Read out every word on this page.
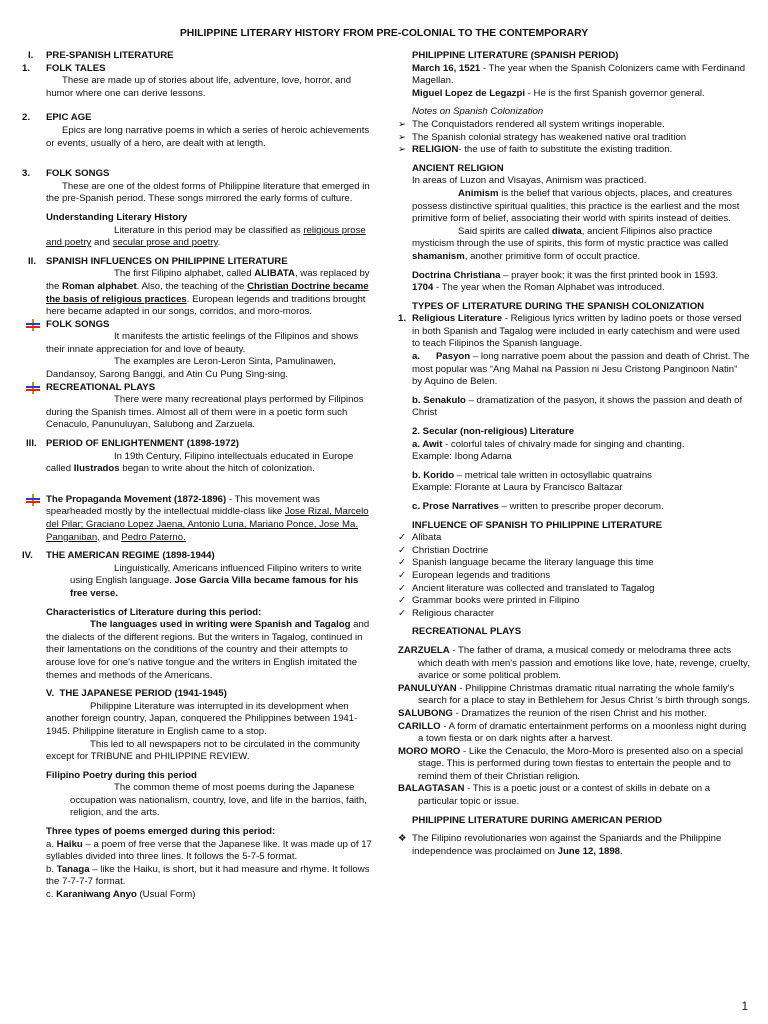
PHILIPPINE LITERARY HISTORY FROM PRE-COLONIAL TO THE CONTEMPORARY
I. PRE-SPANISH LITERATURE
1. FOLK TALES

These are made up of stories about life, adventure, love, horror, and humor where one can derive lessons.

2. EPIC AGE

Epics are long narrative poems in which a series of heroic achievements or events, usually of a hero, are dealt with at length.

3. FOLK SONGS

These are one of the oldest forms of Philippine literature that emerged in the pre-Spanish period. These songs mirrored the early forms of culture.

Understanding Literary History

Literature in this period may be classified as religious prose and poetry and secular prose and poetry.

II. SPANISH INFLUENCES ON PHILIPPINE LITERATURE

The first Filipino alphabet, called ALIBATA, was replaced by the Roman alphabet. Also, the teaching of the Christian Doctrine became the basis of religious practices. European legends and traditions brought here became adapted in our songs, corridos, and moro-moros.

FOLK SONGS

It manifests the artistic feelings of the Filipinos and shows their innate appreciation for and love of beauty.

The examples are Leron-Leron Sinta, Pamulinawen, Dandansoy, Sarong Banggi, and Atin Cu Pung Sing-sing.

RECREATIONAL PLAYS

There were many recreational plays performed by Filipinos during the Spanish times. Almost all of them were in a poetic form such Cenaculo, Panunuluyan, Salubong and Zarzuela.

III. PERIOD OF ENLIGHTENMENT (1898-1972)

In 19th Century, Filipino intellectuals educated in Europe called Ilustrados began to write about the hitch of colonization.

The Propaganda Movement (1872-1896) - This movement was spearheaded mostly by the intellectual middle-class like Jose Rizal, Marcelo del Pilar; Graciano Lopez Jaena, Antonio Luna, Mariano Ponce, Jose Ma. Panganiban, and Pedro Paterno.
IV. THE AMERICAN REGIME (1898-1944)

Linguistically, Americans influenced Filipino writers to write using English language. Jose Garcia Villa became famous for his free verse.

Characteristics of Literature during this period:

The languages used in writing were Spanish and Tagalog and the dialects of the different regions. But the writers in Tagalog, continued in their lamentations on the conditions of the country and their attempts to arouse love for one's native tongue and the writers in English imitated the themes and methods of the Americans.

V. THE JAPANESE PERIOD (1941-1945)

Philippine Literature was interrupted in its development when another foreign country, Japan, conquered the Philippines between 1941-1945. Philippine literature in English came to a stop.

This led to all newspapers not to be circulated in the community except for TRIBUNE and PHILIPPINE REVIEW.

Filipino Poetry during this period

The common theme of most poems during the Japanese occupation was nationalism, country, love, and life in the barrios, faith, religion, and the arts.

Three types of poems emerged during this period:

a. Haiku – a poem of free verse that the Japanese like. It was made up of 17 syllables divided into three lines. It follows the 5-7-5 format.

b. Tanaga – like the Haiku, is short, but it had measure and rhyme. It follows the 7-7-7-7 format.

c. Karaniwang Anyo (Usual Form)

PHILIPPINE LITERATURE (SPANISH PERIOD)

March 16, 1521 - The year when the Spanish Colonizers came with Ferdinand Magellan.

Miguel Lopez de Legazpi - He is the first Spanish governor general.

Notes on Spanish Colonization

➢ The Conquistadors rendered all system writings inoperable.
➢ The Spanish colonial strategy has weakened native oral tradition
➢ RELIGION- the use of faith to substitute the existing tradition.

ANCIENT RELIGION

In areas of Luzon and Visayas, Animism was practiced.

Animism is the belief that various objects, places, and creatures possess distinctive spiritual qualities, this practice is the earliest and the most primitive form of belief, associating their world with spirits instead of deities.

Said spirits are called diwata, ancient Filipinos also practice mysticism through the use of spirits, this form of mystic practice was called shamanism, another primitive form of occult practice.

Doctrina Christiana – prayer book; it was the first printed book in 1593.

1704 - The year when the Roman Alphabet was introduced.

TYPES OF LITERATURE DURING THE SPANISH COLONIZATION

1. Religious Literature - Religious lyrics written by ladino poets or those versed in both Spanish and Tagalog were included in early catechism and were used to teach Filipinos the Spanish language.

a. Pasyon – long narrative poem about the passion and death of Christ. The most popular was “Ang Mahal na Passion ni Jesu Cristong Panginoon Natin” by Aquino de Belen.

b. Senakulo – dramatization of the pasyon, it shows the passion and death of Christ

2. Secular (non-religious) Literature

a. Awit - colorful tales of chivalry made for singing and chanting.

Example: Ibong Adarna

b. Korido – metrical tale written in octosyllabic quatrains

Example: Florante at Laura by Francisco Baltazar

c. Prose Narratives – written to prescribe proper decorum.

INFLUENCE OF SPANISH TO PHILIPPINE LITERATURE

✓ Alibata
✓ Christian Doctrine
✓ Spanish language became the literary language this time
✓ European legends and traditions
✓ Ancient literature was collected and translated to Tagalog
✓ Grammar books were printed in Filipino
✓ Religious character

RECREATIONAL PLAYS

ZARZUELA - The father of drama, a musical comedy or melodrama three acts which death with men's passion and emotions like love, hate, revenge, cruelty, avarice or some political problem.

PANULUYAN - Philippine Christmas dramatic ritual narrating the whole family's search for a place to stay in Bethlehem for Jesus Christ 's birth through songs.

SALUBONG - Dramatizes the reunion of the risen Christ and his mother.

CARILLO - A form of dramatic entertainment performs on a moonless night during a town fiesta or on dark nights after a harvest.

MORO MORO - Like the Cenaculo, the Moro-Moro is presented also on a special stage. This is performed during town fiestas to entertain the people and to remind them of their Christian religion.

BALAGTASAN - This is a poetic joust or a contest of skills in debate on a particular topic or issue.

PHILIPPINE LITERATURE DURING AMERICAN PERIOD

❖ The Filipino revolutionaries won against the Spaniards and the Philippine independence was proclaimed on June 12, 1898.
1
